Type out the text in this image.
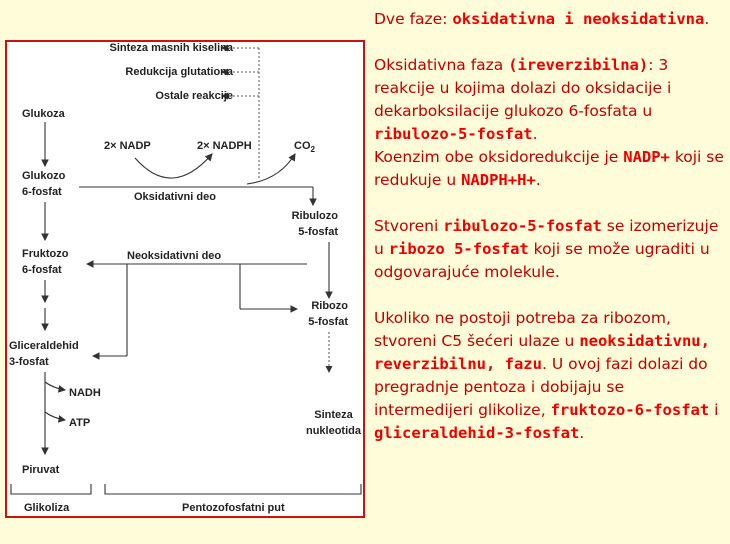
Sinteza masnih kiselina
Redukcija glutationa
Ostale reakcije
Glukoza
Glukozo
6-fosfat
2× NADP	2× NADPH	$CO_2$
Oksidativni deo
Ribulozo
5-fosfat
Fruktozo
6-fosfat
Neoksidativni deo
Ribozo
5-fosfat
Gliceraldehid
3-fosfat
NADH
ATP
Sinteza
nukleotida
Piruvat
Glikoliza	Pentozofosfatni put

Dve faze: oksidativna i neoksidativna.

Oksidativna faza (ireverzibilna): 3 reakcije u kojima dolazi do oksidacije i dekarboksilacije glukozo 6-fosfata u ribulozo-5-fosfat.

Koenzim obe oksidoredukcije je NADP+ koji se redukuje u NADPH+H+.

Stvoreni ribulozo-5-fosfat se izomerizuje u ribozo 5-fosfat koji se može ugraditi u odgovarajuće molekule.

Ukoliko ne postoji potreba za ribozom, stvoreni C5 šećeri ulaze u neoksidativnu, reverzibilnu, fazu. U ovoj fazi dolazi do pregradnje pentoza i dobijaju se intermedijeri glikolize, fruktozo-6-fosfat i gliceraldehid-3-fosfat.
